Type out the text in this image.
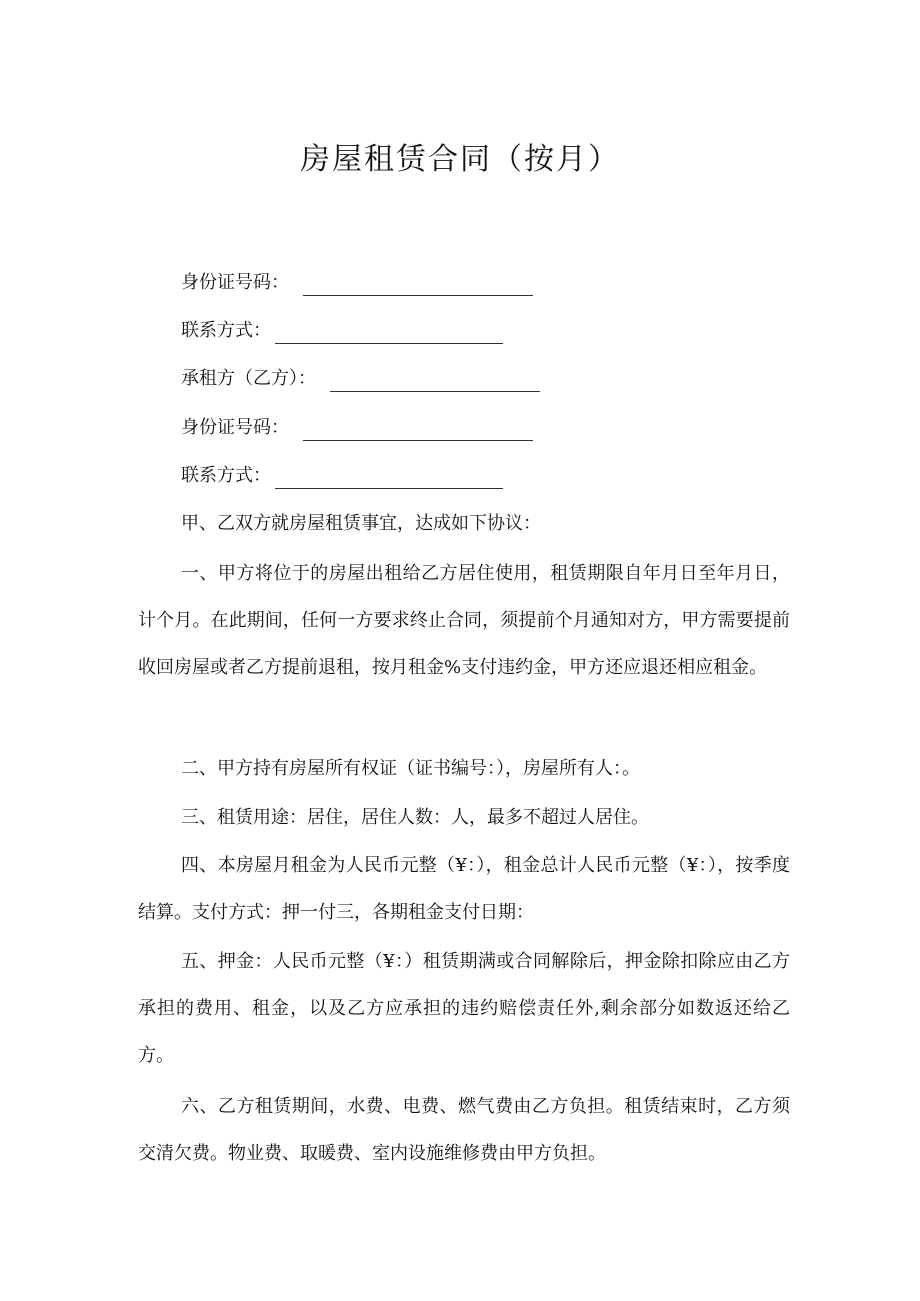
房屋租赁合同（按月）
身份证号码：
联系方式：
承租方（乙方）：
身份证号码：
联系方式：

甲、乙双方就房屋租赁事宜，达成如下协议：

一、甲方将位于的房屋出租给乙方居住使用，租赁期限自年月日至年月日，计个月。在此期间，任何一方要求终止合同，须提前个月通知对方，甲方需要提前收回房屋或者乙方提前退租，按月租金%支付违约金，甲方还应退还相应租金。

二、甲方持有房屋所有权证（证书编号：），房屋所有人：。

三、租赁用途：居住，居住人数：人，最多不超过人居住。

四、本房屋月租金为人民币元整（¥：），租金总计人民币元整（¥：），按季度结算。支付方式：押一付三，各期租金支付日期：

五、押金：人民币元整（¥：）租赁期满或合同解除后，押金除扣除应由乙方承担的费用、租金，以及乙方应承担的违约赔偿责任外,剩余部分如数返还给乙方。

六、乙方租赁期间，水费、电费、燃气费由乙方负担。租赁结束时，乙方须交清欠费。物业费、取暖费、室内设施维修费由甲方负担。
